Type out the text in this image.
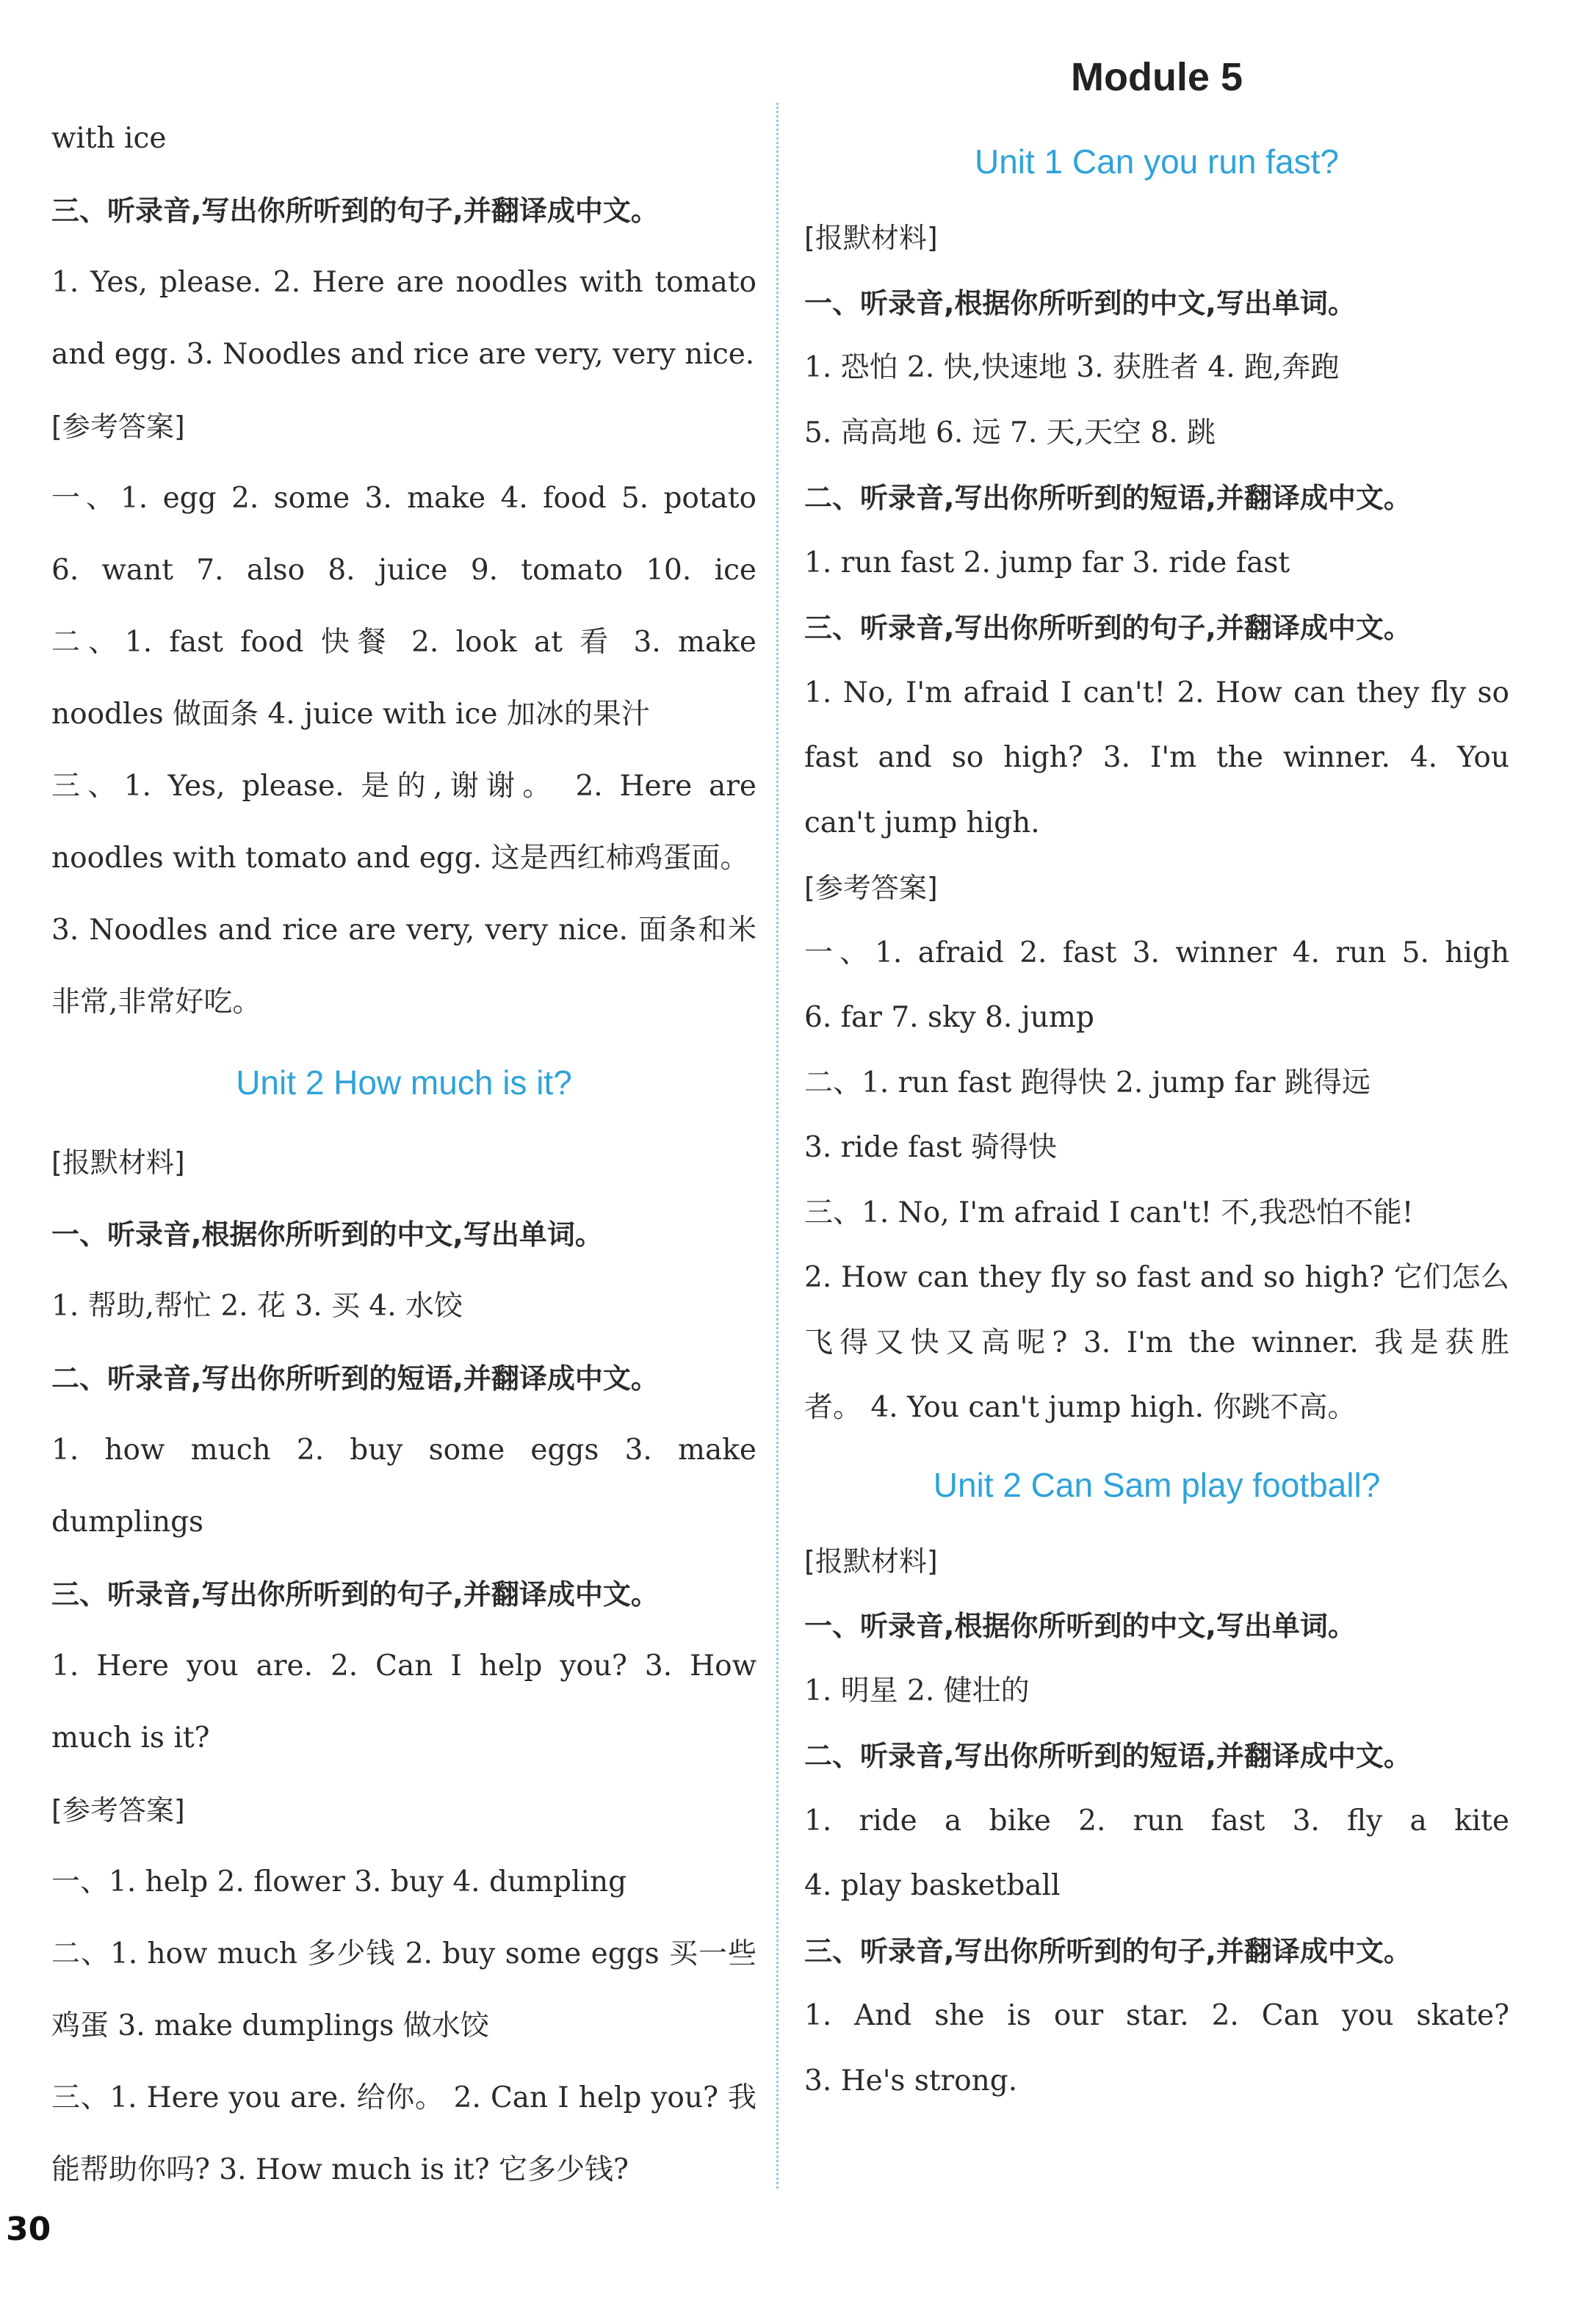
with ice
三、听录音,写出你所听到的句子,并翻译成中文。
1. Yes, please. 2. Here are noodles with tomato
and egg. 3. Noodles and rice are very, very nice.
[参考答案]
一、1. egg 2. some 3. make 4. food 5. potato
6. want 7. also 8. juice 9. tomato 10. ice
二、1. fast food 快餐 2. look at 看 3. make
noodles 做面条 4. juice with ice 加冰的果汁
三、1. Yes, please. 是的,谢谢。 2. Here are
noodles with tomato and egg. 这是西红柿鸡蛋面。
3. Noodles and rice are very, very nice. 面条和米
非常,非常好吃。
Unit 2 How much is it?
[报默材料]
一、听录音,根据你所听到的中文,写出单词。
1. 帮助,帮忙 2. 花 3. 买 4. 水饺
二、听录音,写出你所听到的短语,并翻译成中文。
1. how much 2. buy some eggs 3. make
dumplings
三、听录音,写出你所听到的句子,并翻译成中文。
1. Here you are. 2. Can I help you? 3. How
much is it?
[参考答案]
一、1. help 2. flower 3. buy 4. dumpling
二、1. how much 多少钱 2. buy some eggs 买一些
鸡蛋 3. make dumplings 做水饺
三、1. Here you are. 给你。 2. Can I help you? 我
能帮助你吗? 3. How much is it? 它多少钱?
Module 5
Unit 1 Can you run fast?
[报默材料]
一、听录音,根据你所听到的中文,写出单词。
1. 恐怕 2. 快,快速地 3. 获胜者 4. 跑,奔跑
5. 高高地 6. 远 7. 天,天空 8. 跳
二、听录音,写出你所听到的短语,并翻译成中文。
1. run fast 2. jump far 3. ride fast
三、听录音,写出你所听到的句子,并翻译成中文。
1. No, I'm afraid I can't! 2. How can they fly so
fast and so high? 3. I'm the winner. 4. You
can't jump high.
[参考答案]
一、1. afraid 2. fast 3. winner 4. run 5. high
6. far 7. sky 8. jump
二、1. run fast 跑得快 2. jump far 跳得远
3. ride fast 骑得快
三、1. No, I'm afraid I can't! 不,我恐怕不能!
2. How can they fly so fast and so high? 它们怎么
飞得又快又高呢? 3. I'm the winner. 我是获胜
者。 4. You can't jump high. 你跳不高。
Unit 2 Can Sam play football?
[报默材料]
一、听录音,根据你所听到的中文,写出单词。
1. 明星 2. 健壮的
二、听录音,写出你所听到的短语,并翻译成中文。
1. ride a bike 2. run fast 3. fly a kite
4. play basketball
三、听录音,写出你所听到的句子,并翻译成中文。
1. And she is our star. 2. Can you skate?
3. He's strong.
30
